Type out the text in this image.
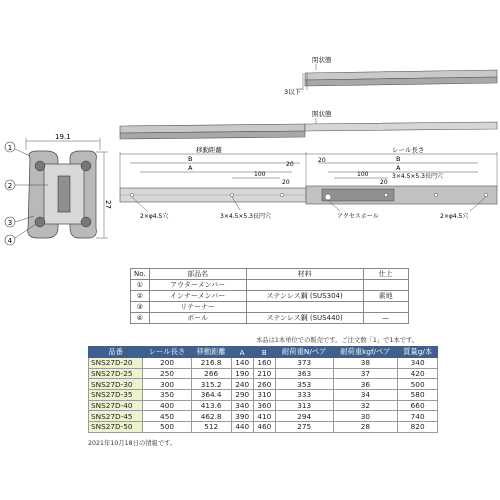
19.1
27
1
2
3
4
閉状態
3以下
開状態
移動距離	レール長さ
B	B
A	A
20
20
100	100
20	20
3×4.5×5.3長円穴
2×φ4.5穴	3×4.5×5.3長円穴	アクセスホール	2×φ4.5穴
No.	部品名	材料	仕上
①	アウターメンバー		
②	インナーメンバー	ステンレス鋼 (SUS304)	素地
③	リテーナー		
④	ボール	ステンレス鋼 (SUS440)	—
本品は1本単位での販売です。ご注文数「1」で1本です。
品番	レール長さ	移動距離	A	B	耐荷重N/ペア	耐荷重kgf/ペア	質量g/本
SNS27D-20	200	216.8	140	160	373	38	340
SNS27D-25	250	266	190	210	363	37	420
SNS27D-30	300	315.2	240	260	353	36	500
SNS27D-35	350	364.4	290	310	333	34	580
SNS27D-40	400	413.6	340	360	313	32	660
SNS27D-45	450	462.8	390	410	294	30	740
SNS27D-50	500	512	440	460	275	28	820
2021年10月18日の情報です。
